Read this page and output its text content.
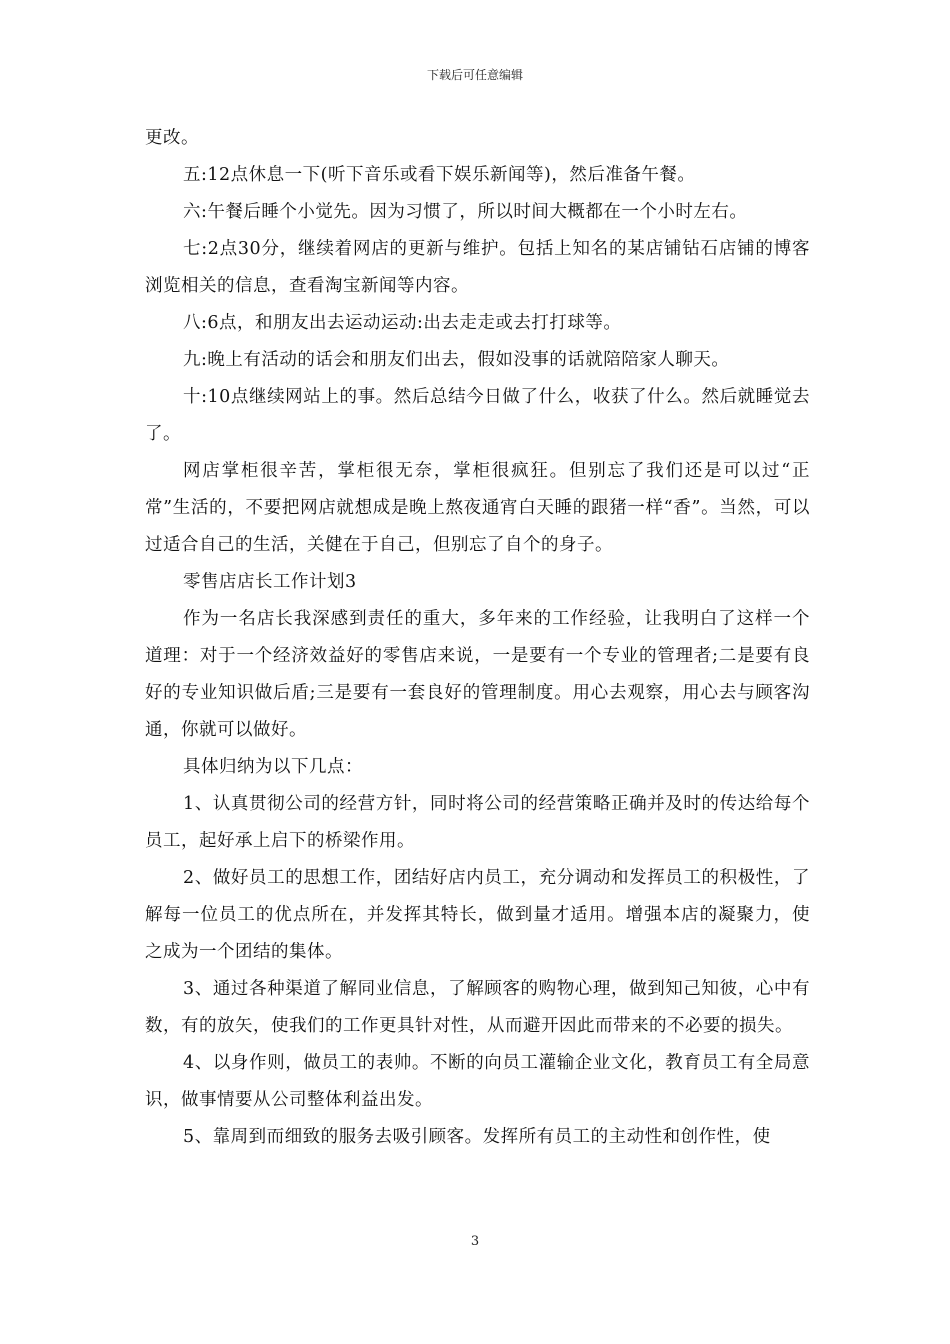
下载后可任意编辑

更改。

五:12点休息一下(听下音乐或看下娱乐新闻等)，然后准备午餐。

六:午餐后睡个小觉先。因为习惯了，所以时间大概都在一个小时左右。

七:2点30分，继续着网店的更新与维护。包括上知名的某店铺钻石店铺的博客浏览相关的信息，查看淘宝新闻等内容。

八:6点，和朋友出去运动运动:出去走走或去打打球等。

九:晚上有活动的话会和朋友们出去，假如没事的话就陪陪家人聊天。

十:10点继续网站上的事。然后总结今日做了什么，收获了什么。然后就睡觉去了。

网店掌柜很辛苦，掌柜很无奈，掌柜很疯狂。但别忘了我们还是可以过“正常”生活的，不要把网店就想成是晚上熬夜通宵白天睡的跟猪一样“香”。当然，可以过适合自己的生活，关健在于自己，但别忘了自个的身子。

零售店店长工作计划3

作为一名店长我深感到责任的重大，多年来的工作经验，让我明白了这样一个道理：对于一个经济效益好的零售店来说，一是要有一个专业的管理者;二是要有良好的专业知识做后盾;三是要有一套良好的管理制度。用心去观察，用心去与顾客沟通，你就可以做好。

具体归纳为以下几点：

1、认真贯彻公司的经营方针，同时将公司的经营策略正确并及时的传达给每个员工，起好承上启下的桥梁作用。

2、做好员工的思想工作，团结好店内员工，充分调动和发挥员工的积极性，了解每一位员工的优点所在，并发挥其特长，做到量才适用。增强本店的凝聚力，使之成为一个团结的集体。

3、通过各种渠道了解同业信息，了解顾客的购物心理，做到知己知彼，心中有数，有的放矢，使我们的工作更具针对性，从而避开因此而带来的不必要的损失。

4、以身作则，做员工的表帅。不断的向员工灌输企业文化，教育员工有全局意识，做事情要从公司整体利益出发。

5、靠周到而细致的服务去吸引顾客。发挥所有员工的主动性和创作性，使

3
